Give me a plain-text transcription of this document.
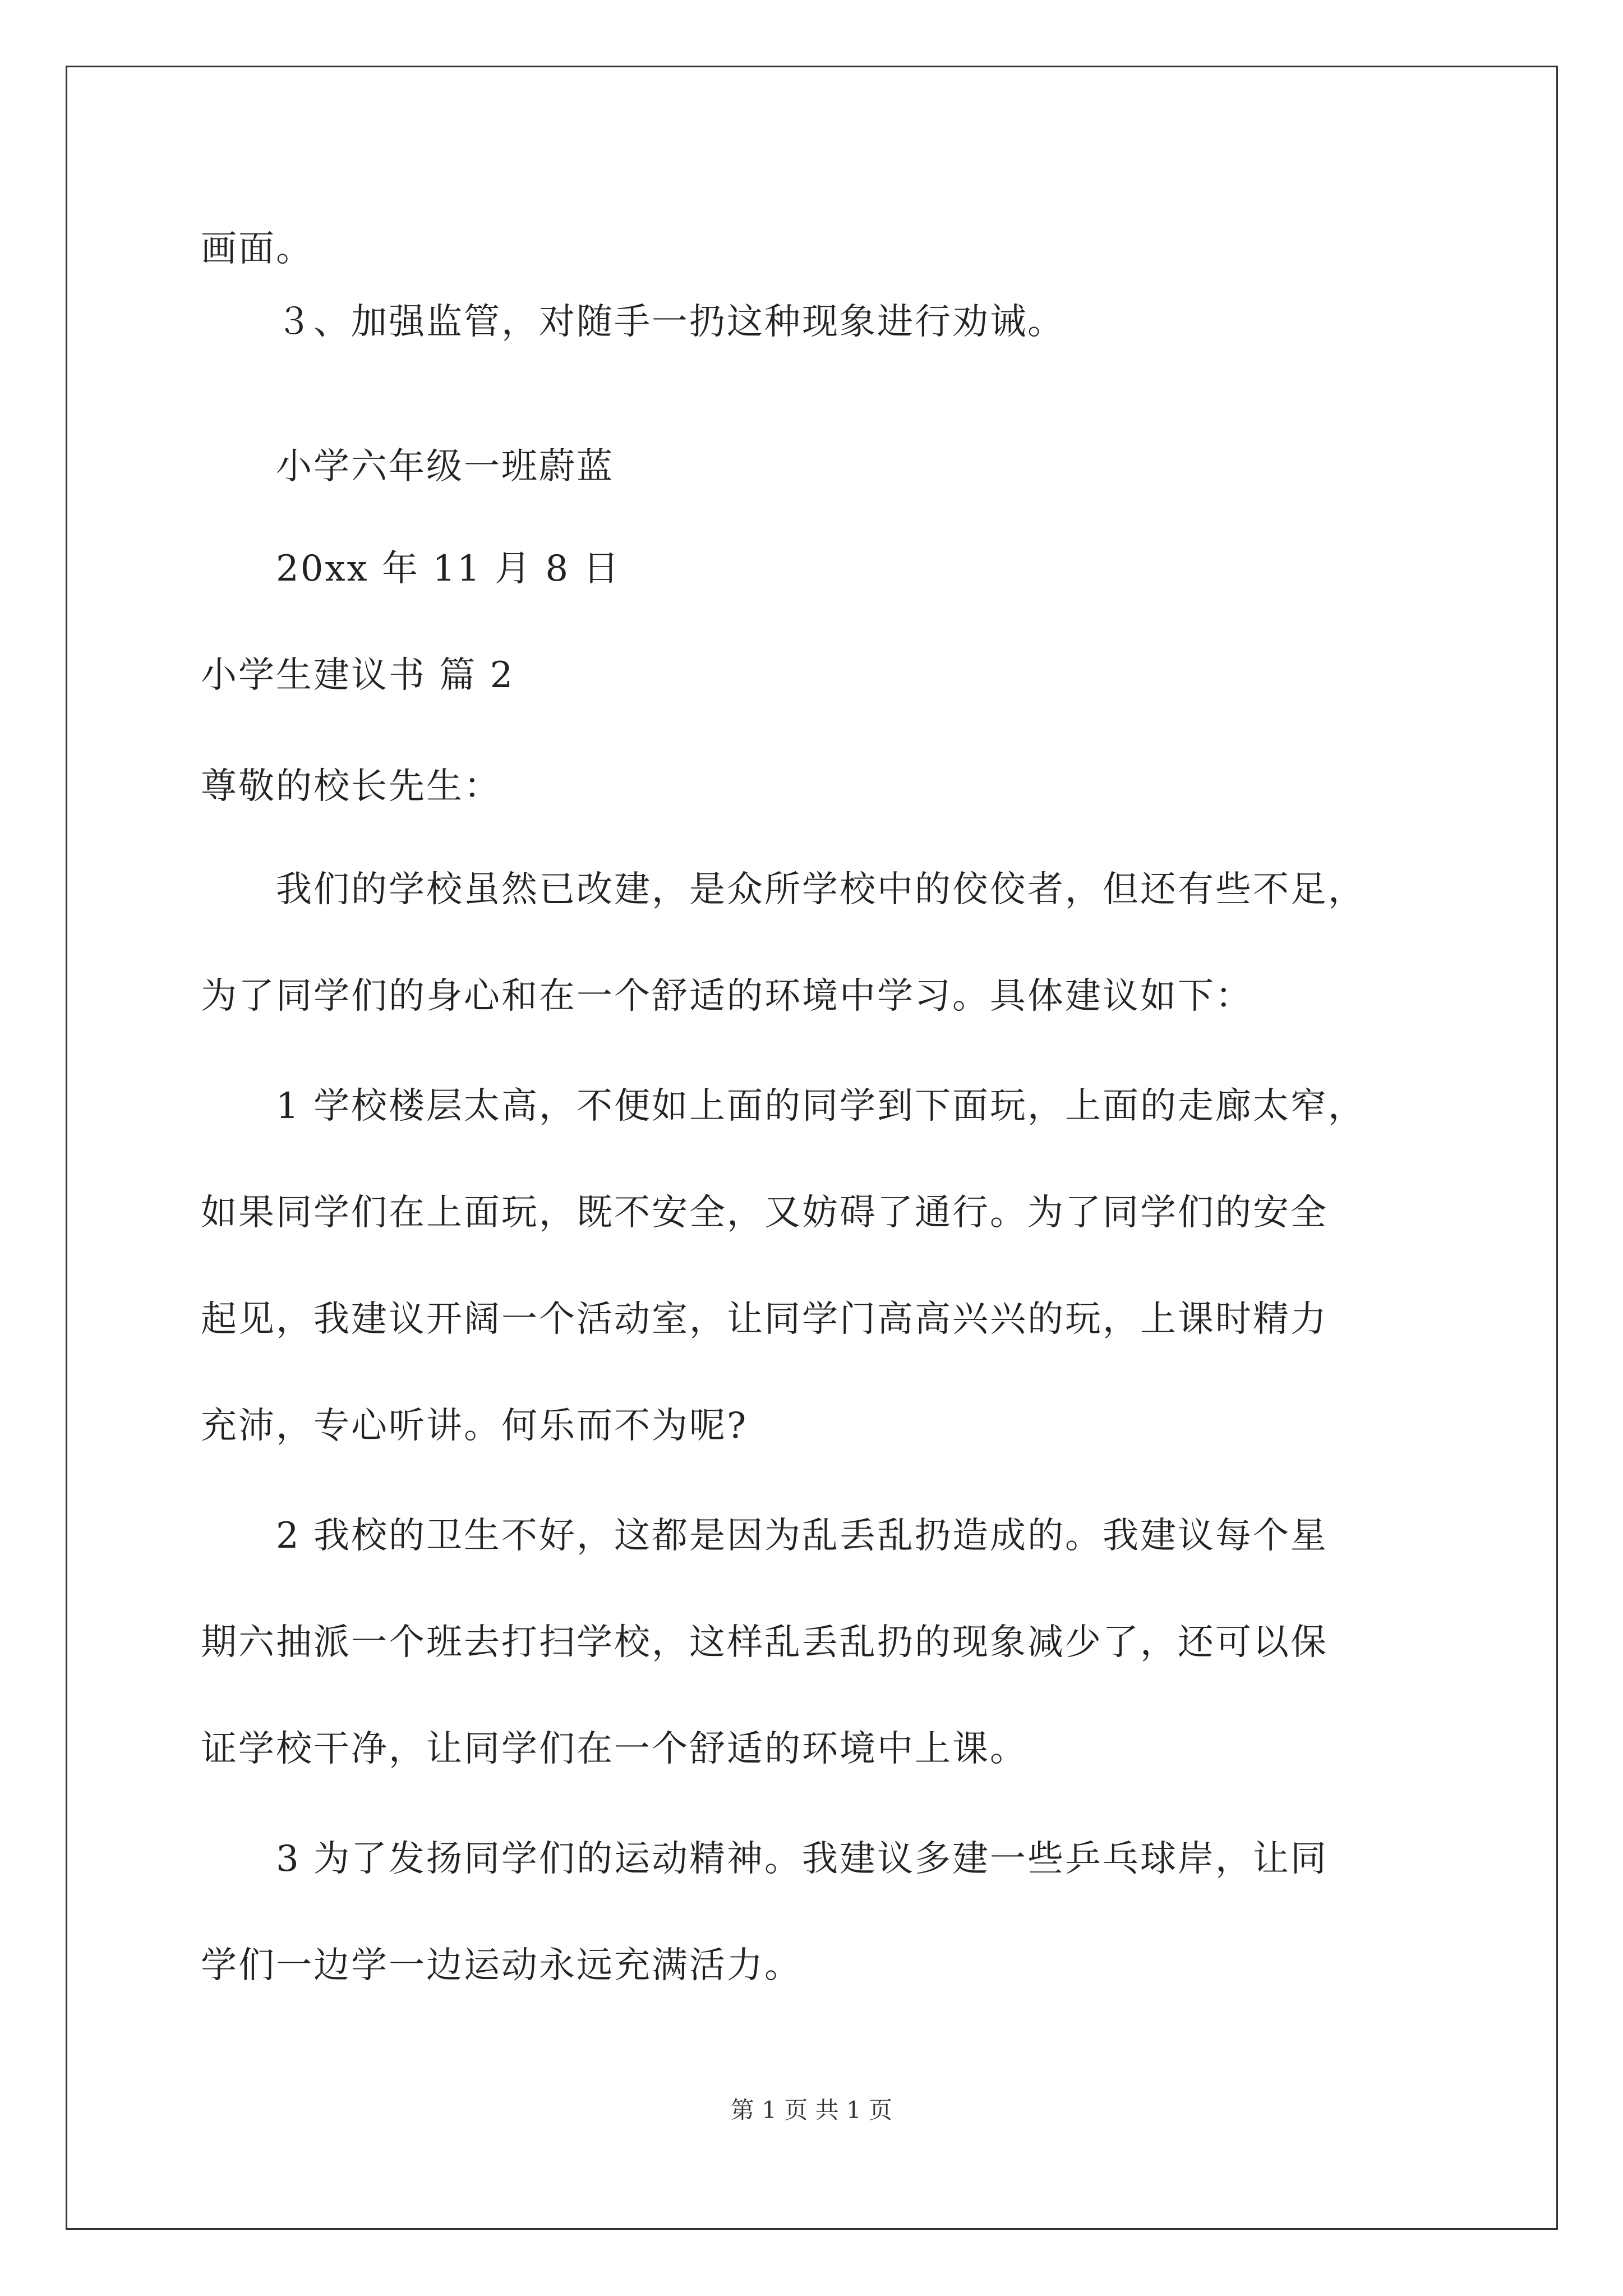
画面。
３、加强监管，对随手一扔这种现象进行劝诫。
小学六年级一班蔚蓝
20xx 年 11 月 8 日
小学生建议书 篇 2
尊敬的校长先生：
我们的学校虽然已改建，是众所学校中的佼佼者，但还有些不足，
为了同学们的身心和在一个舒适的环境中学习。具体建议如下：
1 学校楼层太高，不便如上面的同学到下面玩，上面的走廊太窄，
如果同学们在上面玩，既不安全，又妨碍了通行。为了同学们的安全
起见，我建议开阔一个活动室，让同学门高高兴兴的玩，上课时精力
充沛，专心听讲。何乐而不为呢?
2 我校的卫生不好，这都是因为乱丢乱扔造成的。我建议每个星
期六抽派一个班去打扫学校，这样乱丢乱扔的现象减少了，还可以保
证学校干净，让同学们在一个舒适的环境中上课。
3 为了发扬同学们的运动精神。我建议多建一些乒乓球岸，让同
学们一边学一边运动永远充满活力。
第 1 页 共 1 页
